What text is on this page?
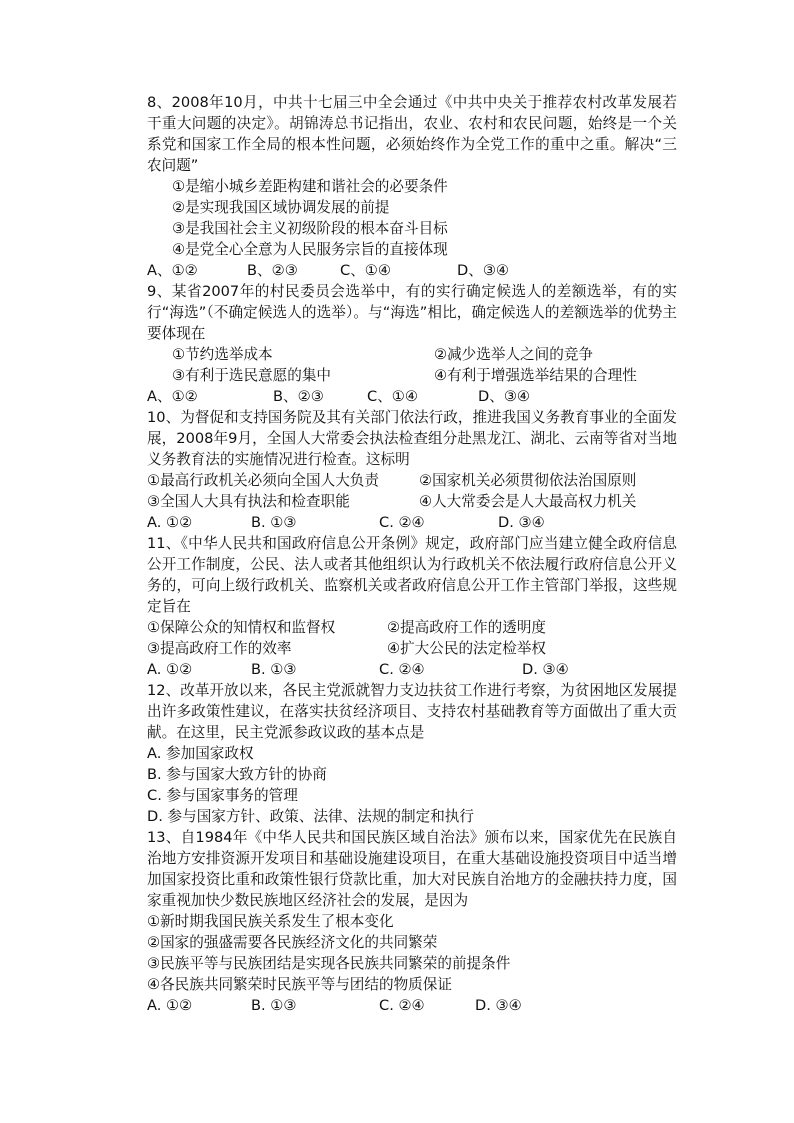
8、2008年10月，中共十七届三中全会通过《中共中央关于推荐农村改革发展若干重大问题的决定》。胡锦涛总书记指出，农业、农村和农民问题，始终是一个关系党和国家工作全局的根本性问题，必须始终作为全党工作的重中之重。解决“三农问题”
①是缩小城乡差距构建和谐社会的必要条件
②是实现我国区域协调发展的前提
③是我国社会主义初级阶段的根本奋斗目标
④是党全心全意为人民服务宗旨的直接体现
A、①②	B、②③	C、①④	D、③④
9、某省2007年的村民委员会选举中，有的实行确定候选人的差额选举，有的实行“海选”（不确定候选人的选举）。与“海选”相比，确定候选人的差额选举的优势主要体现在
①节约选举成本	②减少选举人之间的竞争
③有利于选民意愿的集中	④有利于增强选举结果的合理性
A、①②	B、②③	C、①④	D、③④
10、为督促和支持国务院及其有关部门依法行政，推进我国义务教育事业的全面发展，2008年9月，全国人大常委会执法检查组分赴黑龙江、湖北、云南等省对当地义务教育法的实施情况进行检查。这标明
①最高行政机关必须向全国人大负责	②国家机关必须贯彻依法治国原则
③全国人大具有执法和检查职能	④人大常委会是人大最高权力机关
A. ①②	B. ①③	C. ②④	D. ③④
11、《中华人民共和国政府信息公开条例》规定，政府部门应当建立健全政府信息公开工作制度，公民、法人或者其他组织认为行政机关不依法履行政府信息公开义务的，可向上级行政机关、监察机关或者政府信息公开工作主管部门举报，这些规定旨在
①保障公众的知情权和监督权	②提高政府工作的透明度
③提高政府工作的效率	④扩大公民的法定检举权
A. ①②	B. ①③	C. ②④	D. ③④
12、改革开放以来，各民主党派就智力支边扶贫工作进行考察，为贫困地区发展提出许多政策性建议，在落实扶贫经济项目、支持农村基础教育等方面做出了重大贡献。在这里，民主党派参政议政的基本点是
A. 参加国家政权
B. 参与国家大致方针的协商
C. 参与国家事务的管理
D. 参与国家方针、政策、法律、法规的制定和执行
13、自1984年《中华人民共和国民族区域自治法》颁布以来，国家优先在民族自治地方安排资源开发项目和基础设施建设项目，在重大基础设施投资项目中适当增加国家投资比重和政策性银行贷款比重，加大对民族自治地方的金融扶持力度，国家重视加快少数民族地区经济社会的发展，是因为
①新时期我国民族关系发生了根本变化
②国家的强盛需要各民族经济文化的共同繁荣
③民族平等与民族团结是实现各民族共同繁荣的前提条件
④各民族共同繁荣时民族平等与团结的物质保证
A. ①②	B. ①③	C. ②④	D. ③④
